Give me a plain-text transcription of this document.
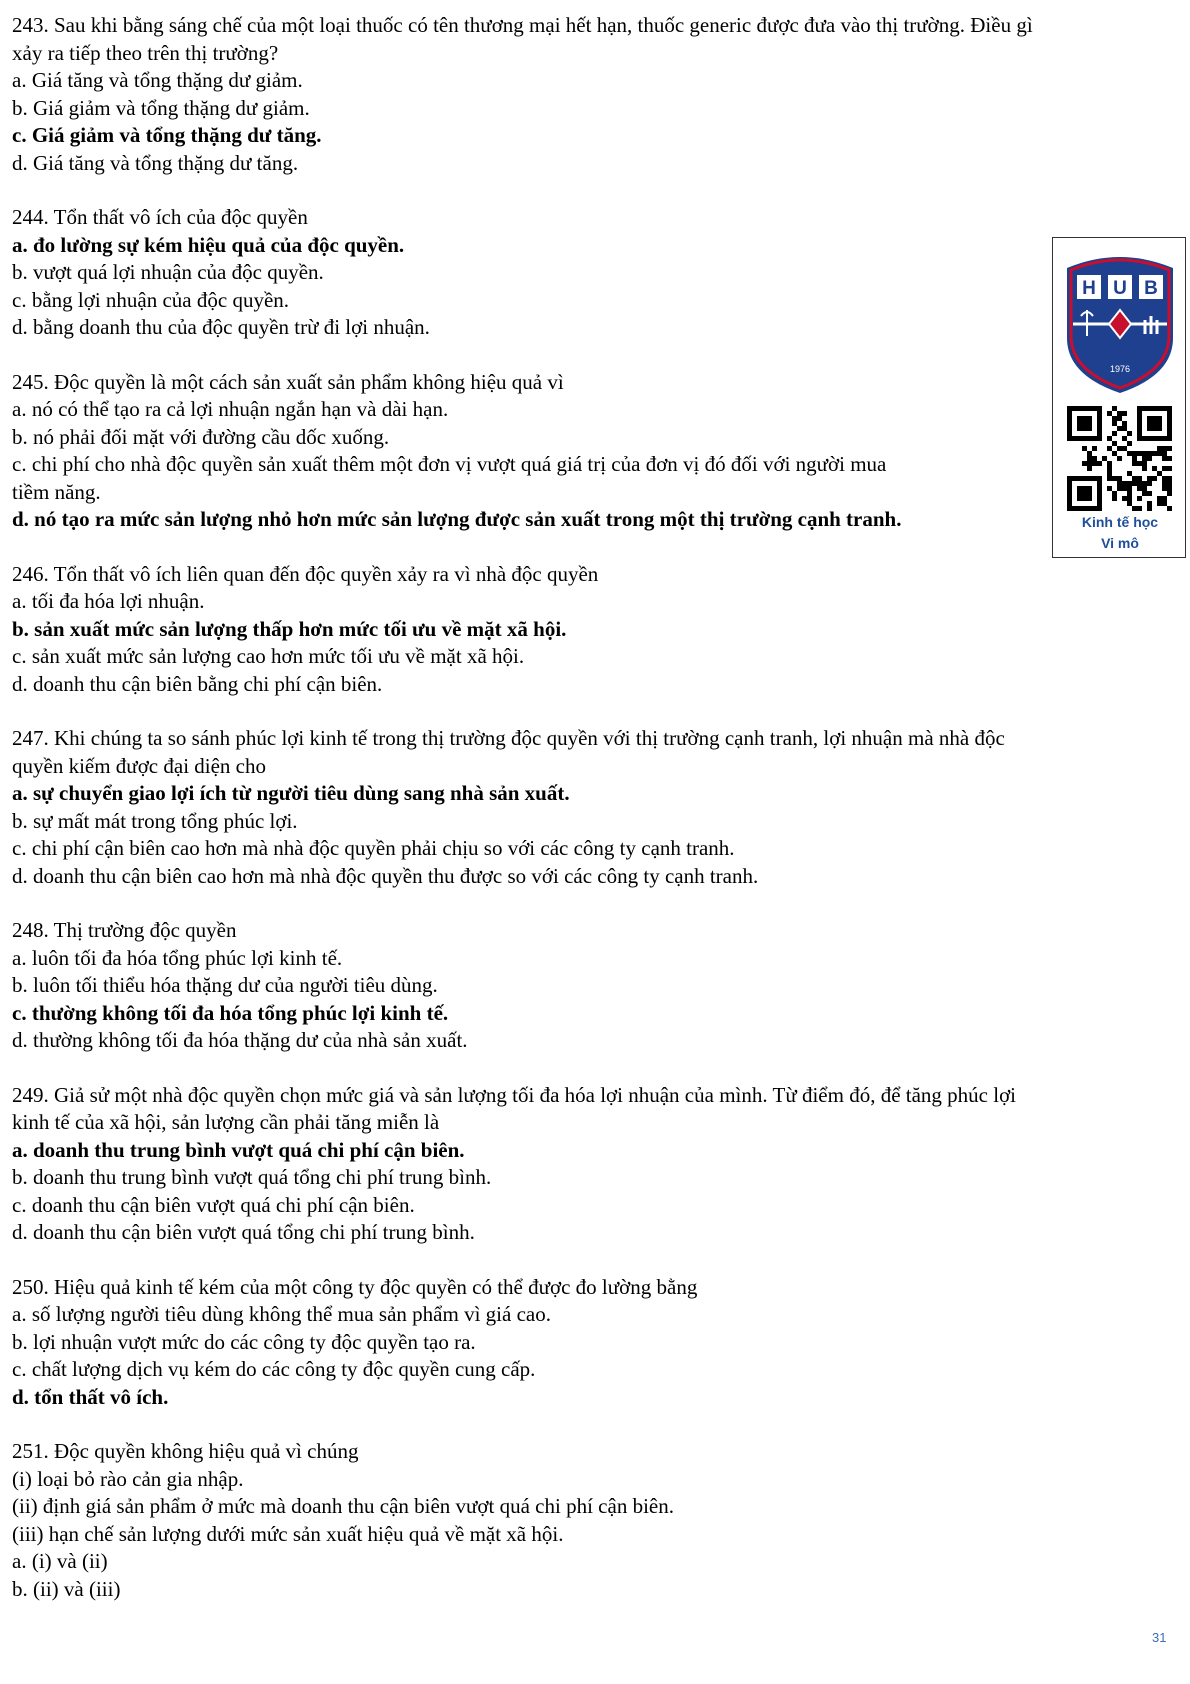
243. Sau khi bằng sáng chế của một loại thuốc có tên thương mại hết hạn, thuốc generic được đưa vào thị trường. Điều gì

xảy ra tiếp theo trên thị trường?

a. Giá tăng và tổng thặng dư giảm.

b. Giá giảm và tổng thặng dư giảm.

c. Giá giảm và tổng thặng dư tăng.

d. Giá tăng và tổng thặng dư tăng.

244. Tổn thất vô ích của độc quyền

a. đo lường sự kém hiệu quả của độc quyền.

b. vượt quá lợi nhuận của độc quyền.

c. bằng lợi nhuận của độc quyền.

d. bằng doanh thu của độc quyền trừ đi lợi nhuận.

245. Độc quyền là một cách sản xuất sản phẩm không hiệu quả vì

a. nó có thể tạo ra cả lợi nhuận ngắn hạn và dài hạn.

b. nó phải đối mặt với đường cầu dốc xuống.

c. chi phí cho nhà độc quyền sản xuất thêm một đơn vị vượt quá giá trị của đơn vị đó đối với người mua

tiềm năng.

d. nó tạo ra mức sản lượng nhỏ hơn mức sản lượng được sản xuất trong một thị trường cạnh tranh.

246. Tổn thất vô ích liên quan đến độc quyền xảy ra vì nhà độc quyền

a. tối đa hóa lợi nhuận.

b. sản xuất mức sản lượng thấp hơn mức tối ưu về mặt xã hội.

c. sản xuất mức sản lượng cao hơn mức tối ưu về mặt xã hội.

d. doanh thu cận biên bằng chi phí cận biên.

247. Khi chúng ta so sánh phúc lợi kinh tế trong thị trường độc quyền với thị trường cạnh tranh, lợi nhuận mà nhà độc

quyền kiếm được đại diện cho

a. sự chuyển giao lợi ích từ người tiêu dùng sang nhà sản xuất.

b. sự mất mát trong tổng phúc lợi.

c. chi phí cận biên cao hơn mà nhà độc quyền phải chịu so với các công ty cạnh tranh.

d. doanh thu cận biên cao hơn mà nhà độc quyền thu được so với các công ty cạnh tranh.

248. Thị trường độc quyền

a. luôn tối đa hóa tổng phúc lợi kinh tế.

b. luôn tối thiểu hóa thặng dư của người tiêu dùng.

c. thường không tối đa hóa tổng phúc lợi kinh tế.

d. thường không tối đa hóa thặng dư của nhà sản xuất.

249. Giả sử một nhà độc quyền chọn mức giá và sản lượng tối đa hóa lợi nhuận của mình. Từ điểm đó, để tăng phúc lợi

kinh tế của xã hội, sản lượng cần phải tăng miễn là

a. doanh thu trung bình vượt quá chi phí cận biên.

b. doanh thu trung bình vượt quá tổng chi phí trung bình.

c. doanh thu cận biên vượt quá chi phí cận biên.

d. doanh thu cận biên vượt quá tổng chi phí trung bình.

250. Hiệu quả kinh tế kém của một công ty độc quyền có thể được đo lường bằng

a. số lượng người tiêu dùng không thể mua sản phẩm vì giá cao.

b. lợi nhuận vượt mức do các công ty độc quyền tạo ra.

c. chất lượng dịch vụ kém do các công ty độc quyền cung cấp.

d. tổn thất vô ích.

251. Độc quyền không hiệu quả vì chúng

(i) loại bỏ rào cản gia nhập.

(ii) định giá sản phẩm ở mức mà doanh thu cận biên vượt quá chi phí cận biên.

(iii) hạn chế sản lượng dưới mức sản xuất hiệu quả về mặt xã hội.

a. (i) và (ii)

b. (ii) và (iii)

H U B
1976
Kinh tế học
Vi mô
31
